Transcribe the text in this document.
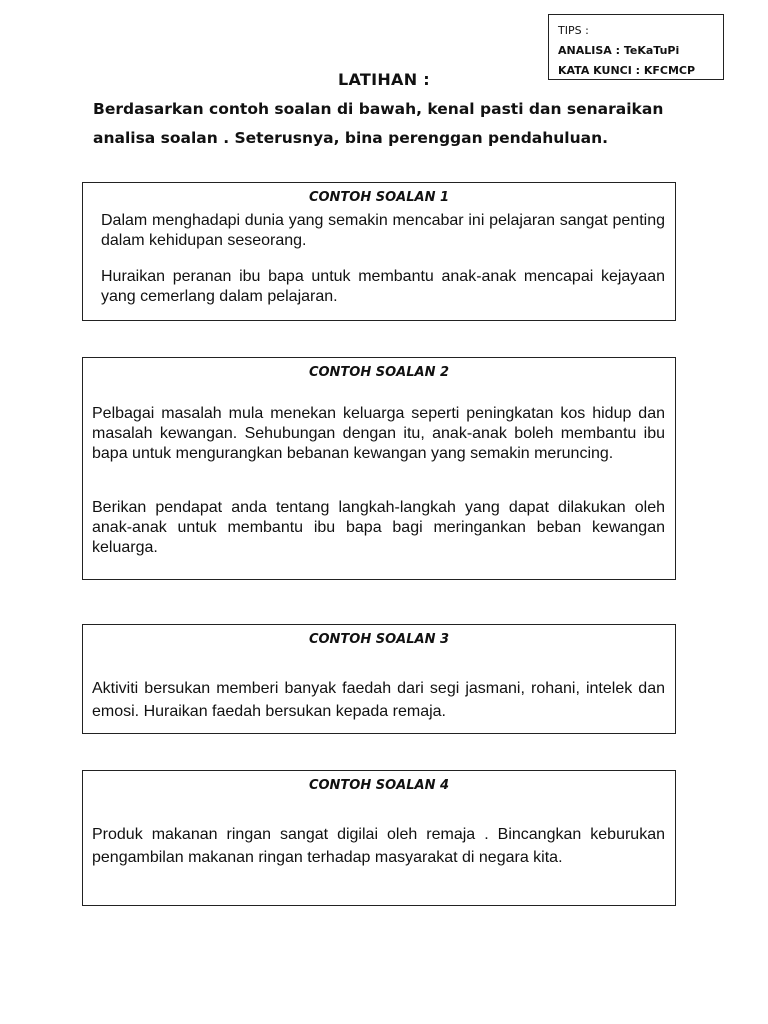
TIPS :
ANALISA : TeKaTuPi
KATA KUNCI : KFCMCP
LATIHAN :
Berdasarkan contoh soalan di bawah, kenal pasti dan senaraikan analisa soalan . Seterusnya, bina perenggan pendahuluan.
CONTOH SOALAN 1

Dalam menghadapi dunia yang semakin mencabar ini pelajaran sangat penting dalam kehidupan seseorang.

Huraikan peranan ibu bapa untuk membantu anak-anak mencapai kejayaan yang cemerlang dalam pelajaran.

CONTOH SOALAN 2

Pelbagai masalah mula menekan keluarga seperti peningkatan kos hidup dan masalah kewangan. Sehubungan dengan itu, anak-anak boleh membantu ibu bapa untuk mengurangkan bebanan kewangan yang semakin meruncing.

Berikan pendapat anda tentang langkah-langkah yang dapat dilakukan oleh anak-anak untuk membantu ibu bapa bagi meringankan beban kewangan keluarga.

CONTOH SOALAN 3

Aktiviti bersukan memberi banyak faedah dari segi jasmani, rohani, intelek dan emosi. Huraikan faedah bersukan kepada remaja.

CONTOH SOALAN 4

Produk makanan ringan sangat digilai oleh remaja . Bincangkan keburukan pengambilan makanan ringan terhadap masyarakat di negara kita.
